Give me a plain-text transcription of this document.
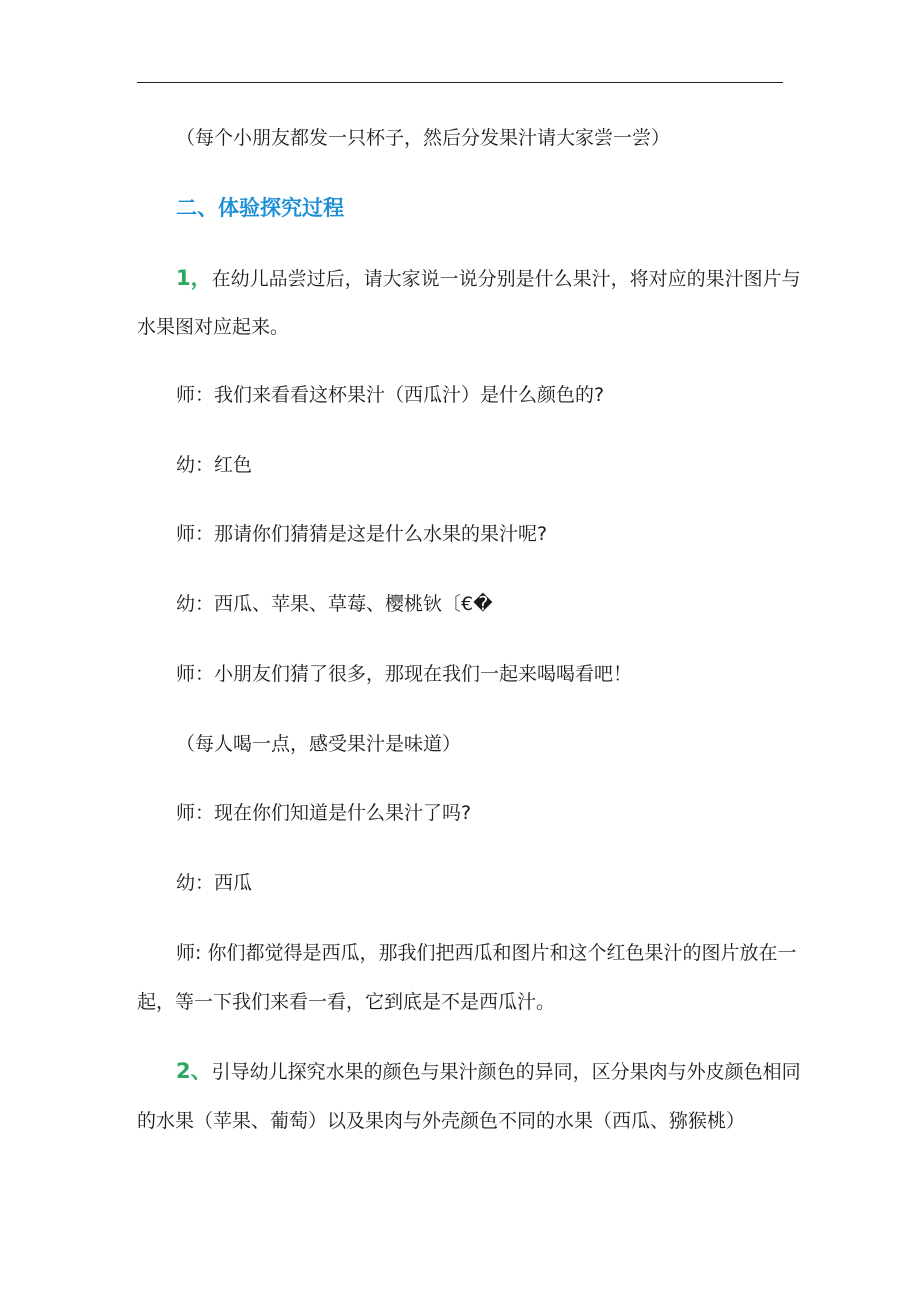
（每个小朋友都发一只杯子，然后分发果汁请大家尝一尝）
二、体验探究过程
1，在幼儿品尝过后，请大家说一说分别是什么果汁，将对应的果汁图片与
水果图对应起来。
师：我们来看看这杯果汁（西瓜汁）是什么颜色的?
幼：红色
师：那请你们猜猜是这是什么水果的果汁呢?
幼：西瓜、苹果、草莓、樱桃钬〔€�
师：小朋友们猜了很多，那现在我们一起来喝喝看吧！
（每人喝一点，感受果汁是味道）
师：现在你们知道是什么果汁了吗?
幼：西瓜
师: 你们都觉得是西瓜，那我们把西瓜和图片和这个红色果汁的图片放在一
起，等一下我们来看一看，它到底是不是西瓜汁。
2、引导幼儿探究水果的颜色与果汁颜色的异同，区分果肉与外皮颜色相同
的水果（苹果、葡萄）以及果肉与外壳颜色不同的水果（西瓜、猕猴桃）
